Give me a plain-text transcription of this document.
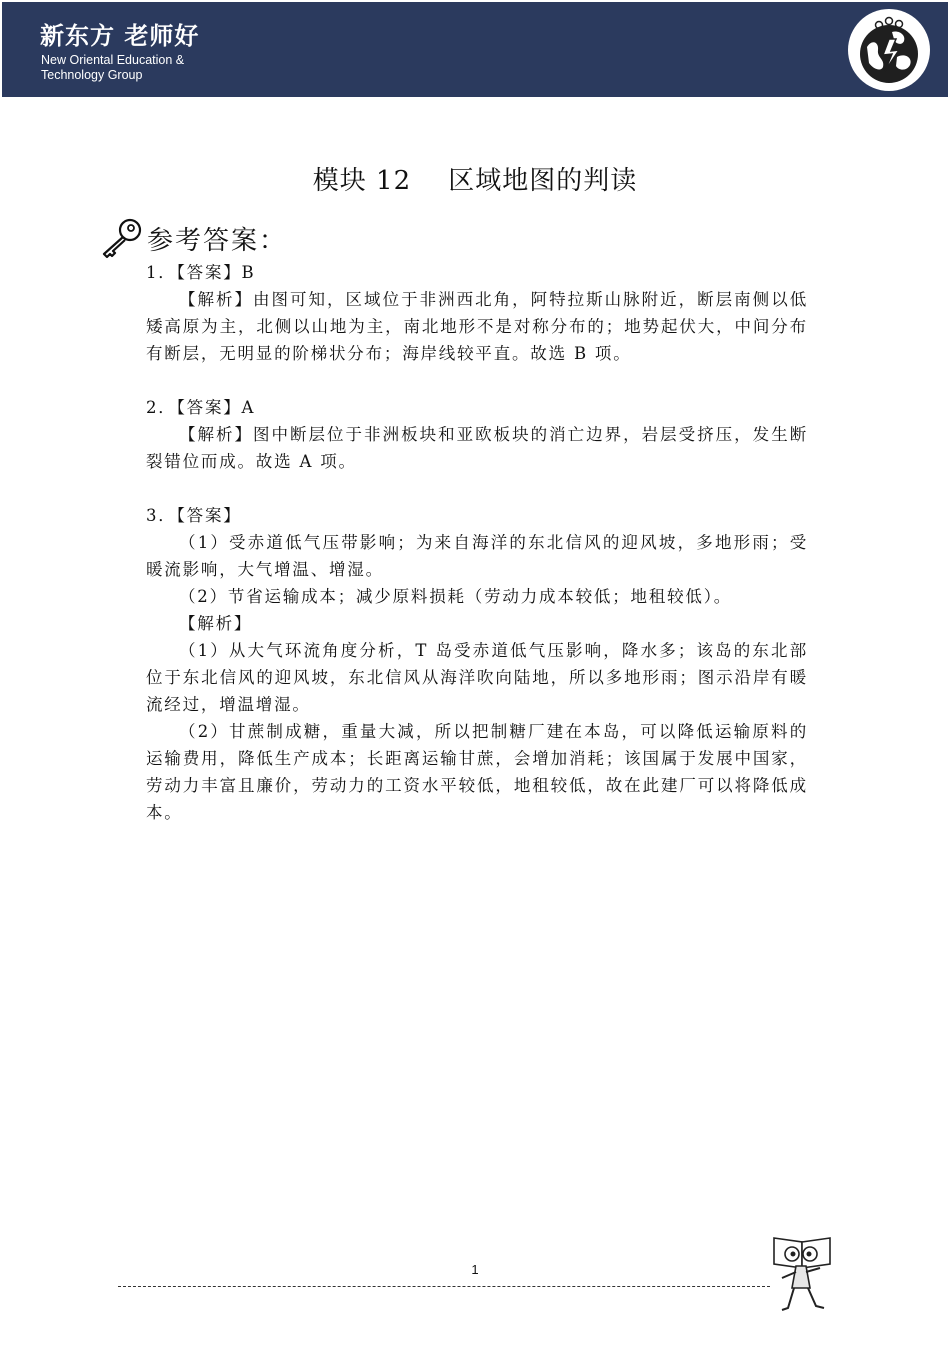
新东方 老师好
New Oriental Education &
Technology Group
模块 12    区域地图的判读
参考答案：

1．【答案】B

【解析】由图可知，区域位于非洲西北角，阿特拉斯山脉附近，断层南侧以低矮高原为主，北侧以山地为主，南北地形不是对称分布的；地势起伏大，中间分布有断层，无明显的阶梯状分布；海岸线较平直。故选 B 项。

2．【答案】A

【解析】图中断层位于非洲板块和亚欧板块的消亡边界，岩层受挤压，发生断裂错位而成。故选 A 项。

3．【答案】

（1）受赤道低气压带影响；为来自海洋的东北信风的迎风坡，多地形雨；受暖流影响，大气增温、增湿。

（2）节省运输成本；减少原料损耗（劳动力成本较低；地租较低）。

【解析】

（1）从大气环流角度分析，T 岛受赤道低气压影响，降水多；该岛的东北部位于东北信风的迎风坡，东北信风从海洋吹向陆地，所以多地形雨；图示沿岸有暖流经过，增温增湿。

（2）甘蔗制成糖，重量大减，所以把制糖厂建在本岛，可以降低运输原料的运输费用，降低生产成本；长距离运输甘蔗，会增加消耗；该国属于发展中国家，劳动力丰富且廉价，劳动力的工资水平较低，地租较低，故在此建厂可以将降低成本。

1
